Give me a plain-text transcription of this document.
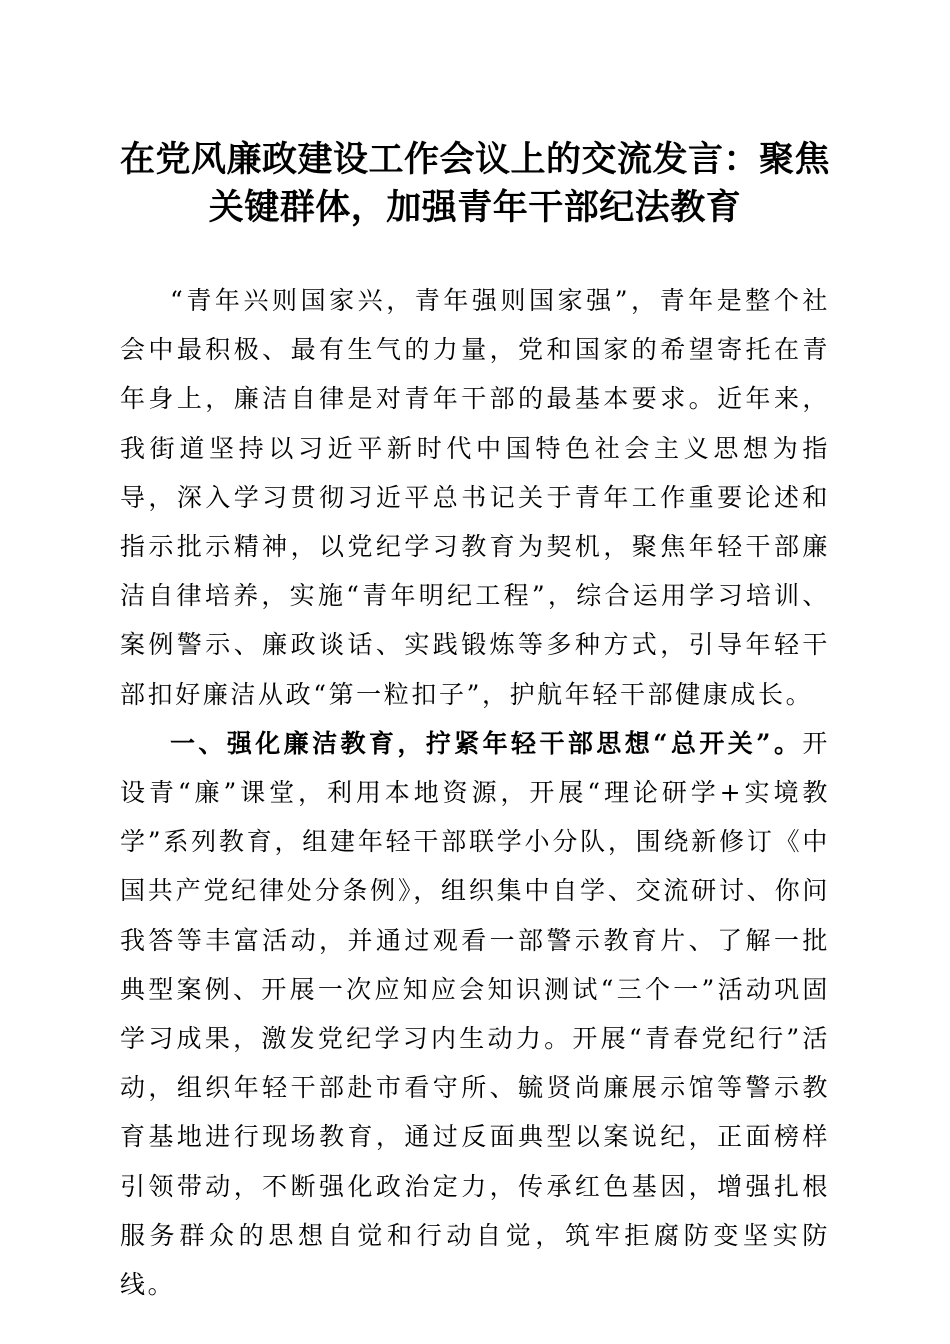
在党风廉政建设工作会议上的交流发言：聚焦
关键群体，加强青年干部纪法教育

“青年兴则国家兴，青年强则国家强”，青年是整个社会中最积极、最有生气的力量，党和国家的希望寄托在青年身上，廉洁自律是对青年干部的最基本要求。近年来，我街道坚持以习近平新时代中国特色社会主义思想为指导，深入学习贯彻习近平总书记关于青年工作重要论述和指示批示精神，以党纪学习教育为契机，聚焦年轻干部廉洁自律培养，实施“青年明纪工程”，综合运用学习培训、案例警示、廉政谈话、实践锻炼等多种方式，引导年轻干部扣好廉洁从政“第一粒扣子”，护航年轻干部健康成长。

一、强化廉洁教育，拧紧年轻干部思想“总开关”。开设青“廉”课堂，利用本地资源，开展“理论研学+实境教学”系列教育，组建年轻干部联学小分队，围绕新修订《中国共产党纪律处分条例》，组织集中自学、交流研讨、你问我答等丰富活动，并通过观看一部警示教育片、了解一批典型案例、开展一次应知应会知识测试“三个一”活动巩固学习成果，激发党纪学习内生动力。开展“青春党纪行”活动，组织年轻干部赴市看守所、毓贤尚廉展示馆等警示教育基地进行现场教育，通过反面典型以案说纪，正面榜样引领带动，不断强化政治定力，传承红色基因，增强扎根服务群众的思想自觉和行动自觉，筑牢拒腐防变坚实防线。
